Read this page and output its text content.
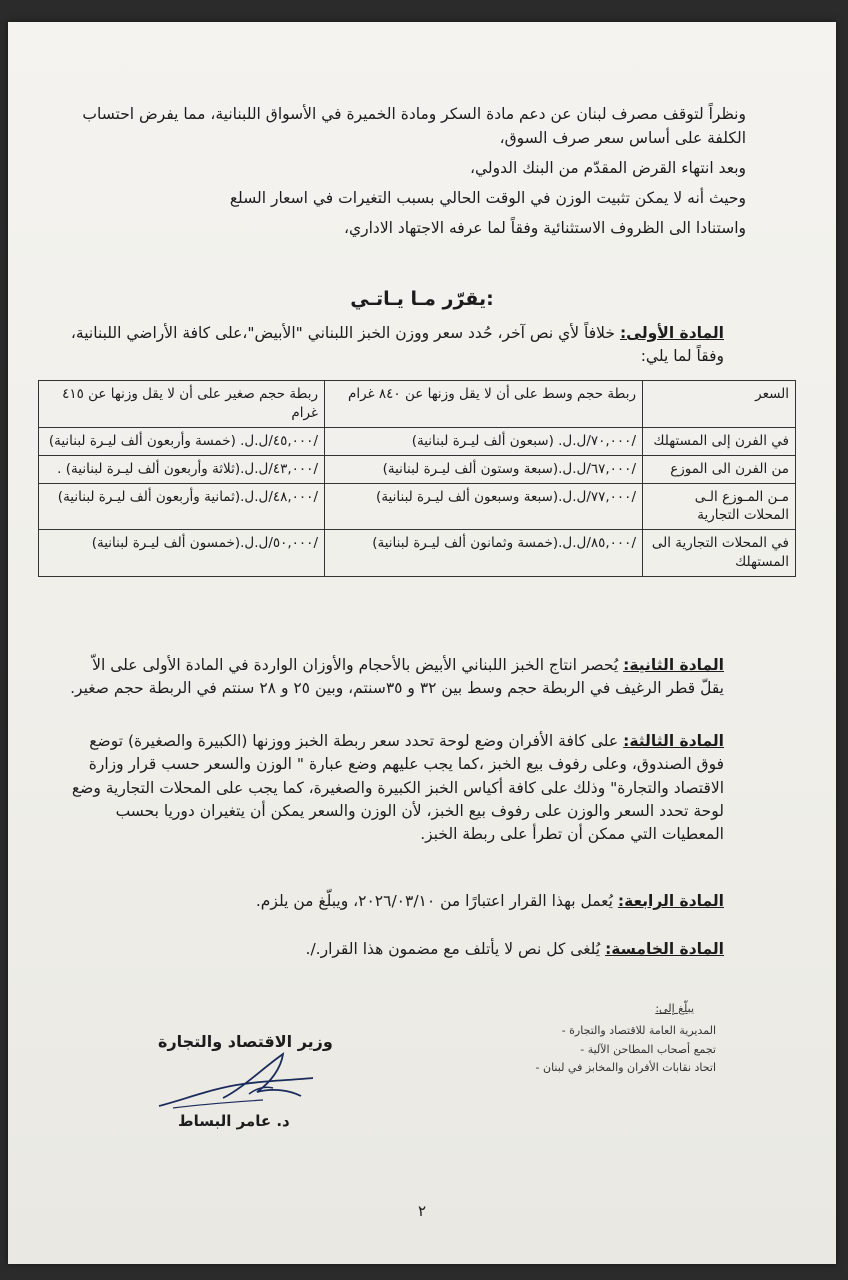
ونظراً لتوقف مصرف لبنان عن دعم مادة السكر ومادة الخميرة في الأسواق اللبنانية، مما يفرض احتساب الكلفة على أساس سعر صرف السوق،

وبعد انتهاء القرض المقدّم من البنك الدولي،

وحيث أنه لا يمكن تثبيت الوزن في الوقت الحالي بسبب التغيرات في اسعار السلع

واستنادا الى الظروف الاستثنائية وفقاً لما عرفه الاجتهاد الاداري،

يقرّر مـا يـاتـي:
المادة الأولى: خلافاً لأي نص آخر، حُدد سعر ووزن الخبز اللبناني "الأبيض"،على كافة الأراضي اللبنانية، وفقاً لما يلي:
السعر	ربطة حجم وسط على أن لا يقل وزنها عن ٨٤٠ غرام	ربطة حجم صغير على أن لا يقل وزنها عن ٤١٥ غرام
في الفرن إلى المستهلك	/٧٠,٠٠٠/ل.ل. (سبعون ألف ليـرة لبنانية)	/٤٥,٠٠٠/ل.ل. (خمسة وأربعون ألف ليـرة لبنانية)
من الفرن الى الموزع	/٦٧,٠٠٠/ل.ل.(سبعة وستون ألف ليـرة لبنانية)	/٤٣,٠٠٠/ل.ل.(ثلاثة وأربعون ألف ليـرة لبنانية) .
مـن المـوزع الـى المحلات التجارية	/٧٧,٠٠٠/ل.ل.(سبعة وسبعون ألف ليـرة لبنانية)	/٤٨,٠٠٠/ل.ل.(ثمانية وأربعون ألف ليـرة لبنانية)
في المحلات التجارية الى المستهلك	/٨٥,٠٠٠/ل.ل.(خمسة وثمانون ألف ليـرة لبنانية)	/٥٠,٠٠٠/ل.ل.(خمسون ألف ليـرة لبنانية)
المادة الثانية: يُحصر انتاج الخبز اللبناني الأبيض بالأحجام والأوزان الواردة في المادة الأولى على الاّ يقلّ قطر الرغيف في الربطة حجم وسط بين ٣٢ و ٣٥سنتم، وبين ٢٥ و ٢٨ سنتم في الربطة حجم صغير.
المادة الثالثة: على كافة الأفران وضع لوحة تحدد سعر ربطة الخبز ووزنها (الكبيرة والصغيرة) توضع فوق الصندوق، وعلى رفوف بيع الخبز ،كما يجب عليهم وضع عبارة " الوزن والسعر حسب قرار وزارة الاقتصاد والتجارة" وذلك على كافة أكياس الخبز الكبيرة والصغيرة، كما يجب على المحلات التجارية وضع لوحة تحدد السعر والوزن على رفوف بيع الخبز، لأن الوزن والسعر يمكن أن يتغيران دوريا بحسب المعطيات التي ممكن أن تطرأ على ربطة الخبز.
المادة الرابعة: يُعمل بهذا القرار اعتبارًا من ٢٠٢٦/٠٣/١٠، ويبلّغ من يلزم.
المادة الخامسة: يُلغى كل نص لا يأتلف مع مضمون هذا القرار./.
يبلّغ إلى:
المديرية العامة للاقتصاد والتجارة -
تجمع أصحاب المطاحن الآلية -
اتحاد نقابات الأفران والمخابز في لبنان -
وزير الاقتصاد والتجارة
د. عامر البساط
٢
